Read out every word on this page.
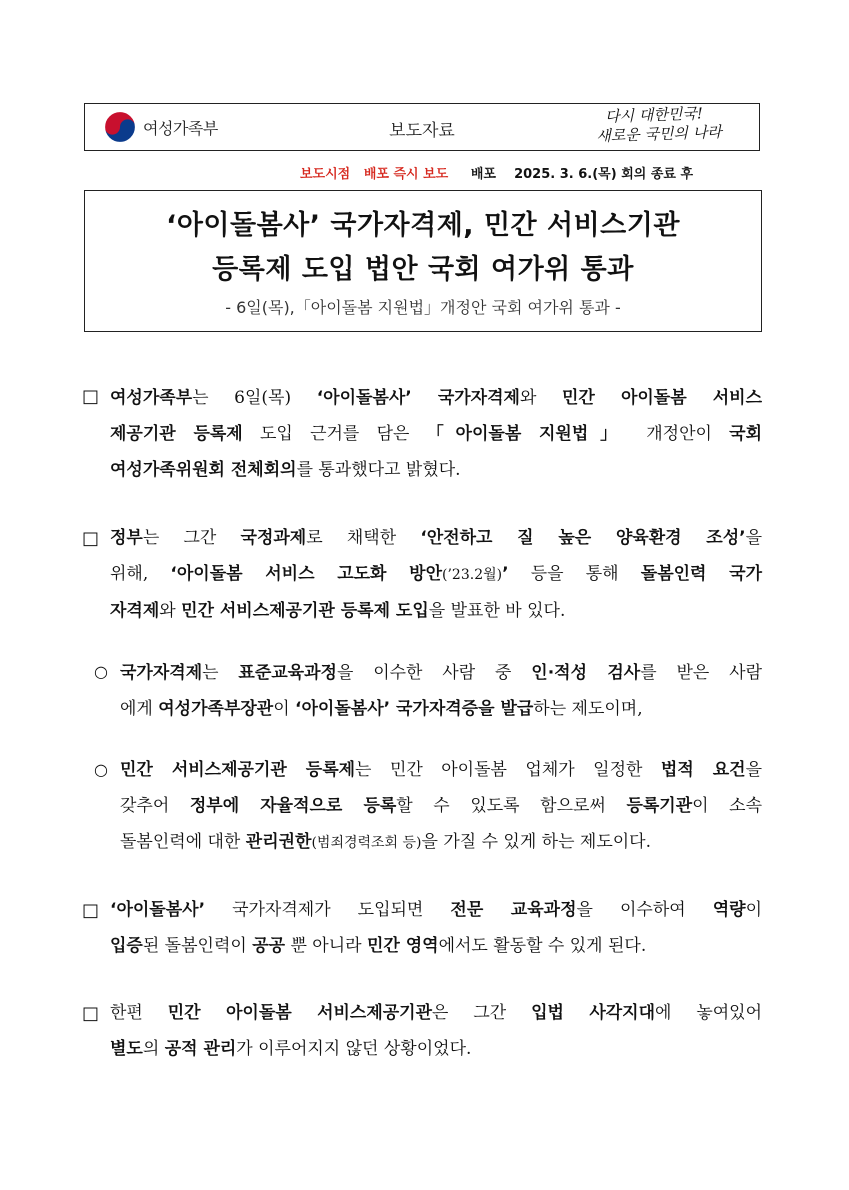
여성가족부	보도자료
다시 대한민국!
새로운 국민의 나라
보도시점 배포 즉시 보도 배포 2025. 3. 6.(목) 회의 종료 후
‘아이돌봄사’ 국가자격제, 민간 서비스기관
등록제 도입 법안 국회 여가위 통과
- 6일(목),「아이돌봄 지원법」개정안 국회 여가위 통과 -
□ 여성가족부는 6일(목) ‘아이돌봄사’ 국가자격제와 민간 아이돌봄 서비스
제공기관 등록제 도입 근거를 담은 「아이돌봄 지원법」 개정안이 국회
여성가족위원회 전체회의를 통과했다고 밝혔다.
□ 정부는 그간 국정과제로 채택한 ‘안전하고 질 높은 양육환경 조성’을
위해, ‘아이돌봄 서비스 고도화 방안(’23.2월)’ 등을 통해 돌봄인력 국가
자격제와 민간 서비스제공기관 등록제 도입을 발표한 바 있다.
○ 국가자격제는 표준교육과정을 이수한 사람 중 인·적성 검사를 받은 사람
에게 여성가족부장관이 ‘아이돌봄사’ 국가자격증을 발급하는 제도이며,
○ 민간 서비스제공기관 등록제는 민간 아이돌봄 업체가 일정한 법적 요건을
갖추어 정부에 자율적으로 등록할 수 있도록 함으로써 등록기관이 소속
돌봄인력에 대한 관리권한(범죄경력조회 등)을 가질 수 있게 하는 제도이다.
□ ‘아이돌봄사’ 국가자격제가 도입되면 전문 교육과정을 이수하여 역량이
입증된 돌봄인력이 공공 뿐 아니라 민간 영역에서도 활동할 수 있게 된다.
□ 한편 민간 아이돌봄 서비스제공기관은 그간 입법 사각지대에 놓여있어
별도의 공적 관리가 이루어지지 않던 상황이었다.
